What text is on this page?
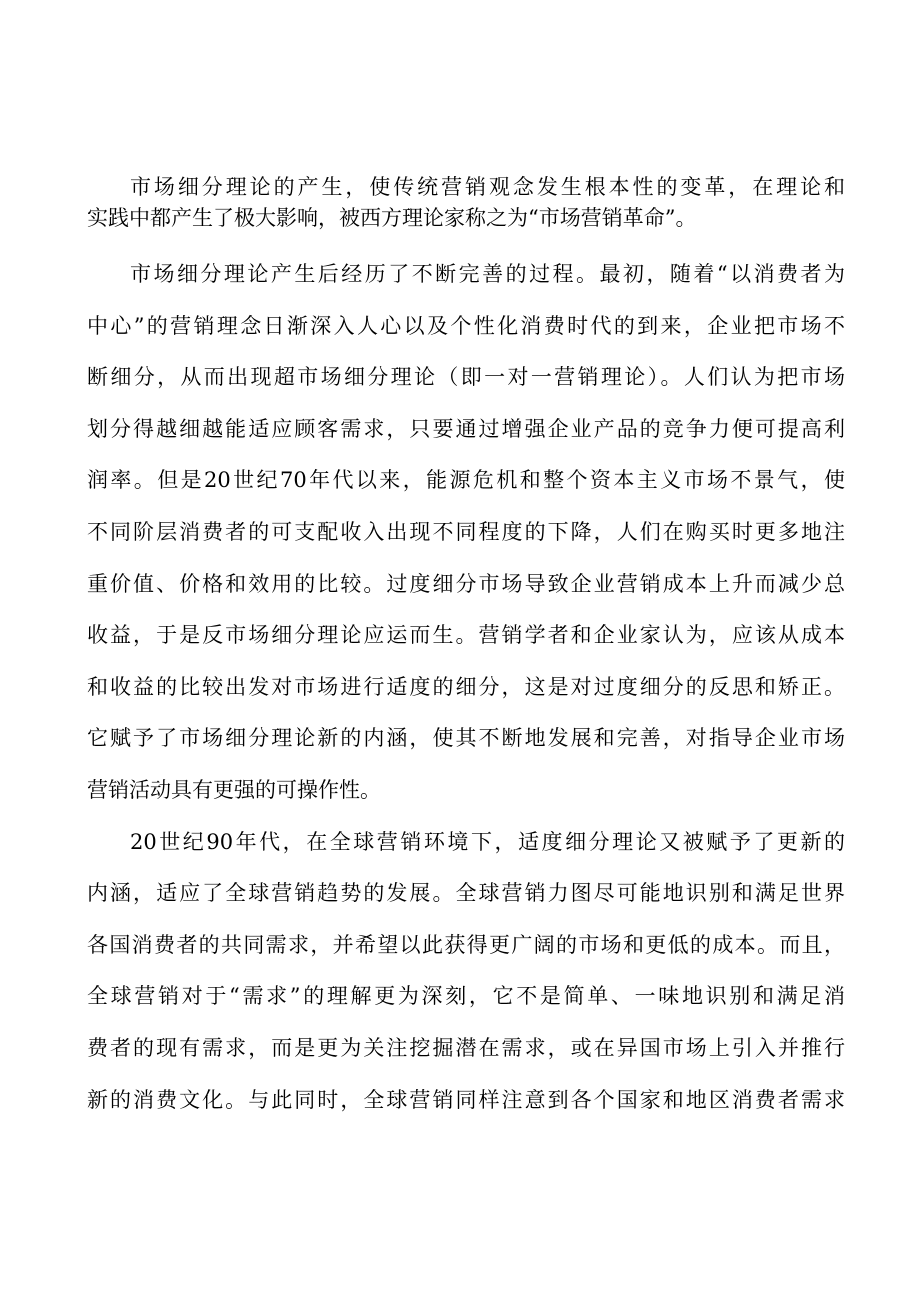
市场细分理论的产生，使传统营销观念发生根本性的变革，在理论和
实践中都产生了极大影响，被西方理论家称之为“市场营销革命”。
市场细分理论产生后经历了不断完善的过程。最初，随着“以消费者为
中心”的营销理念日渐深入人心以及个性化消费时代的到来，企业把市场不
断细分，从而出现超市场细分理论（即一对一营销理论）。人们认为把市场
划分得越细越能适应顾客需求，只要通过增强企业产品的竞争力便可提高利
润率。但是20世纪70年代以来，能源危机和整个资本主义市场不景气，使
不同阶层消费者的可支配收入出现不同程度的下降，人们在购买时更多地注
重价值、价格和效用的比较。过度细分市场导致企业营销成本上升而减少总
收益，于是反市场细分理论应运而生。营销学者和企业家认为，应该从成本
和收益的比较出发对市场进行适度的细分，这是对过度细分的反思和矫正。
它赋予了市场细分理论新的内涵，使其不断地发展和完善，对指导企业市场
营销活动具有更强的可操作性。
20世纪90年代，在全球营销环境下，适度细分理论又被赋予了更新的
内涵，适应了全球营销趋势的发展。全球营销力图尽可能地识别和满足世界
各国消费者的共同需求，并希望以此获得更广阔的市场和更低的成本。而且，
全球营销对于“需求”的理解更为深刻，它不是简单、一味地识别和满足消
费者的现有需求，而是更为关注挖掘潜在需求，或在异国市场上引入并推行
新的消费文化。与此同时，全球营销同样注意到各个国家和地区消费者需求
